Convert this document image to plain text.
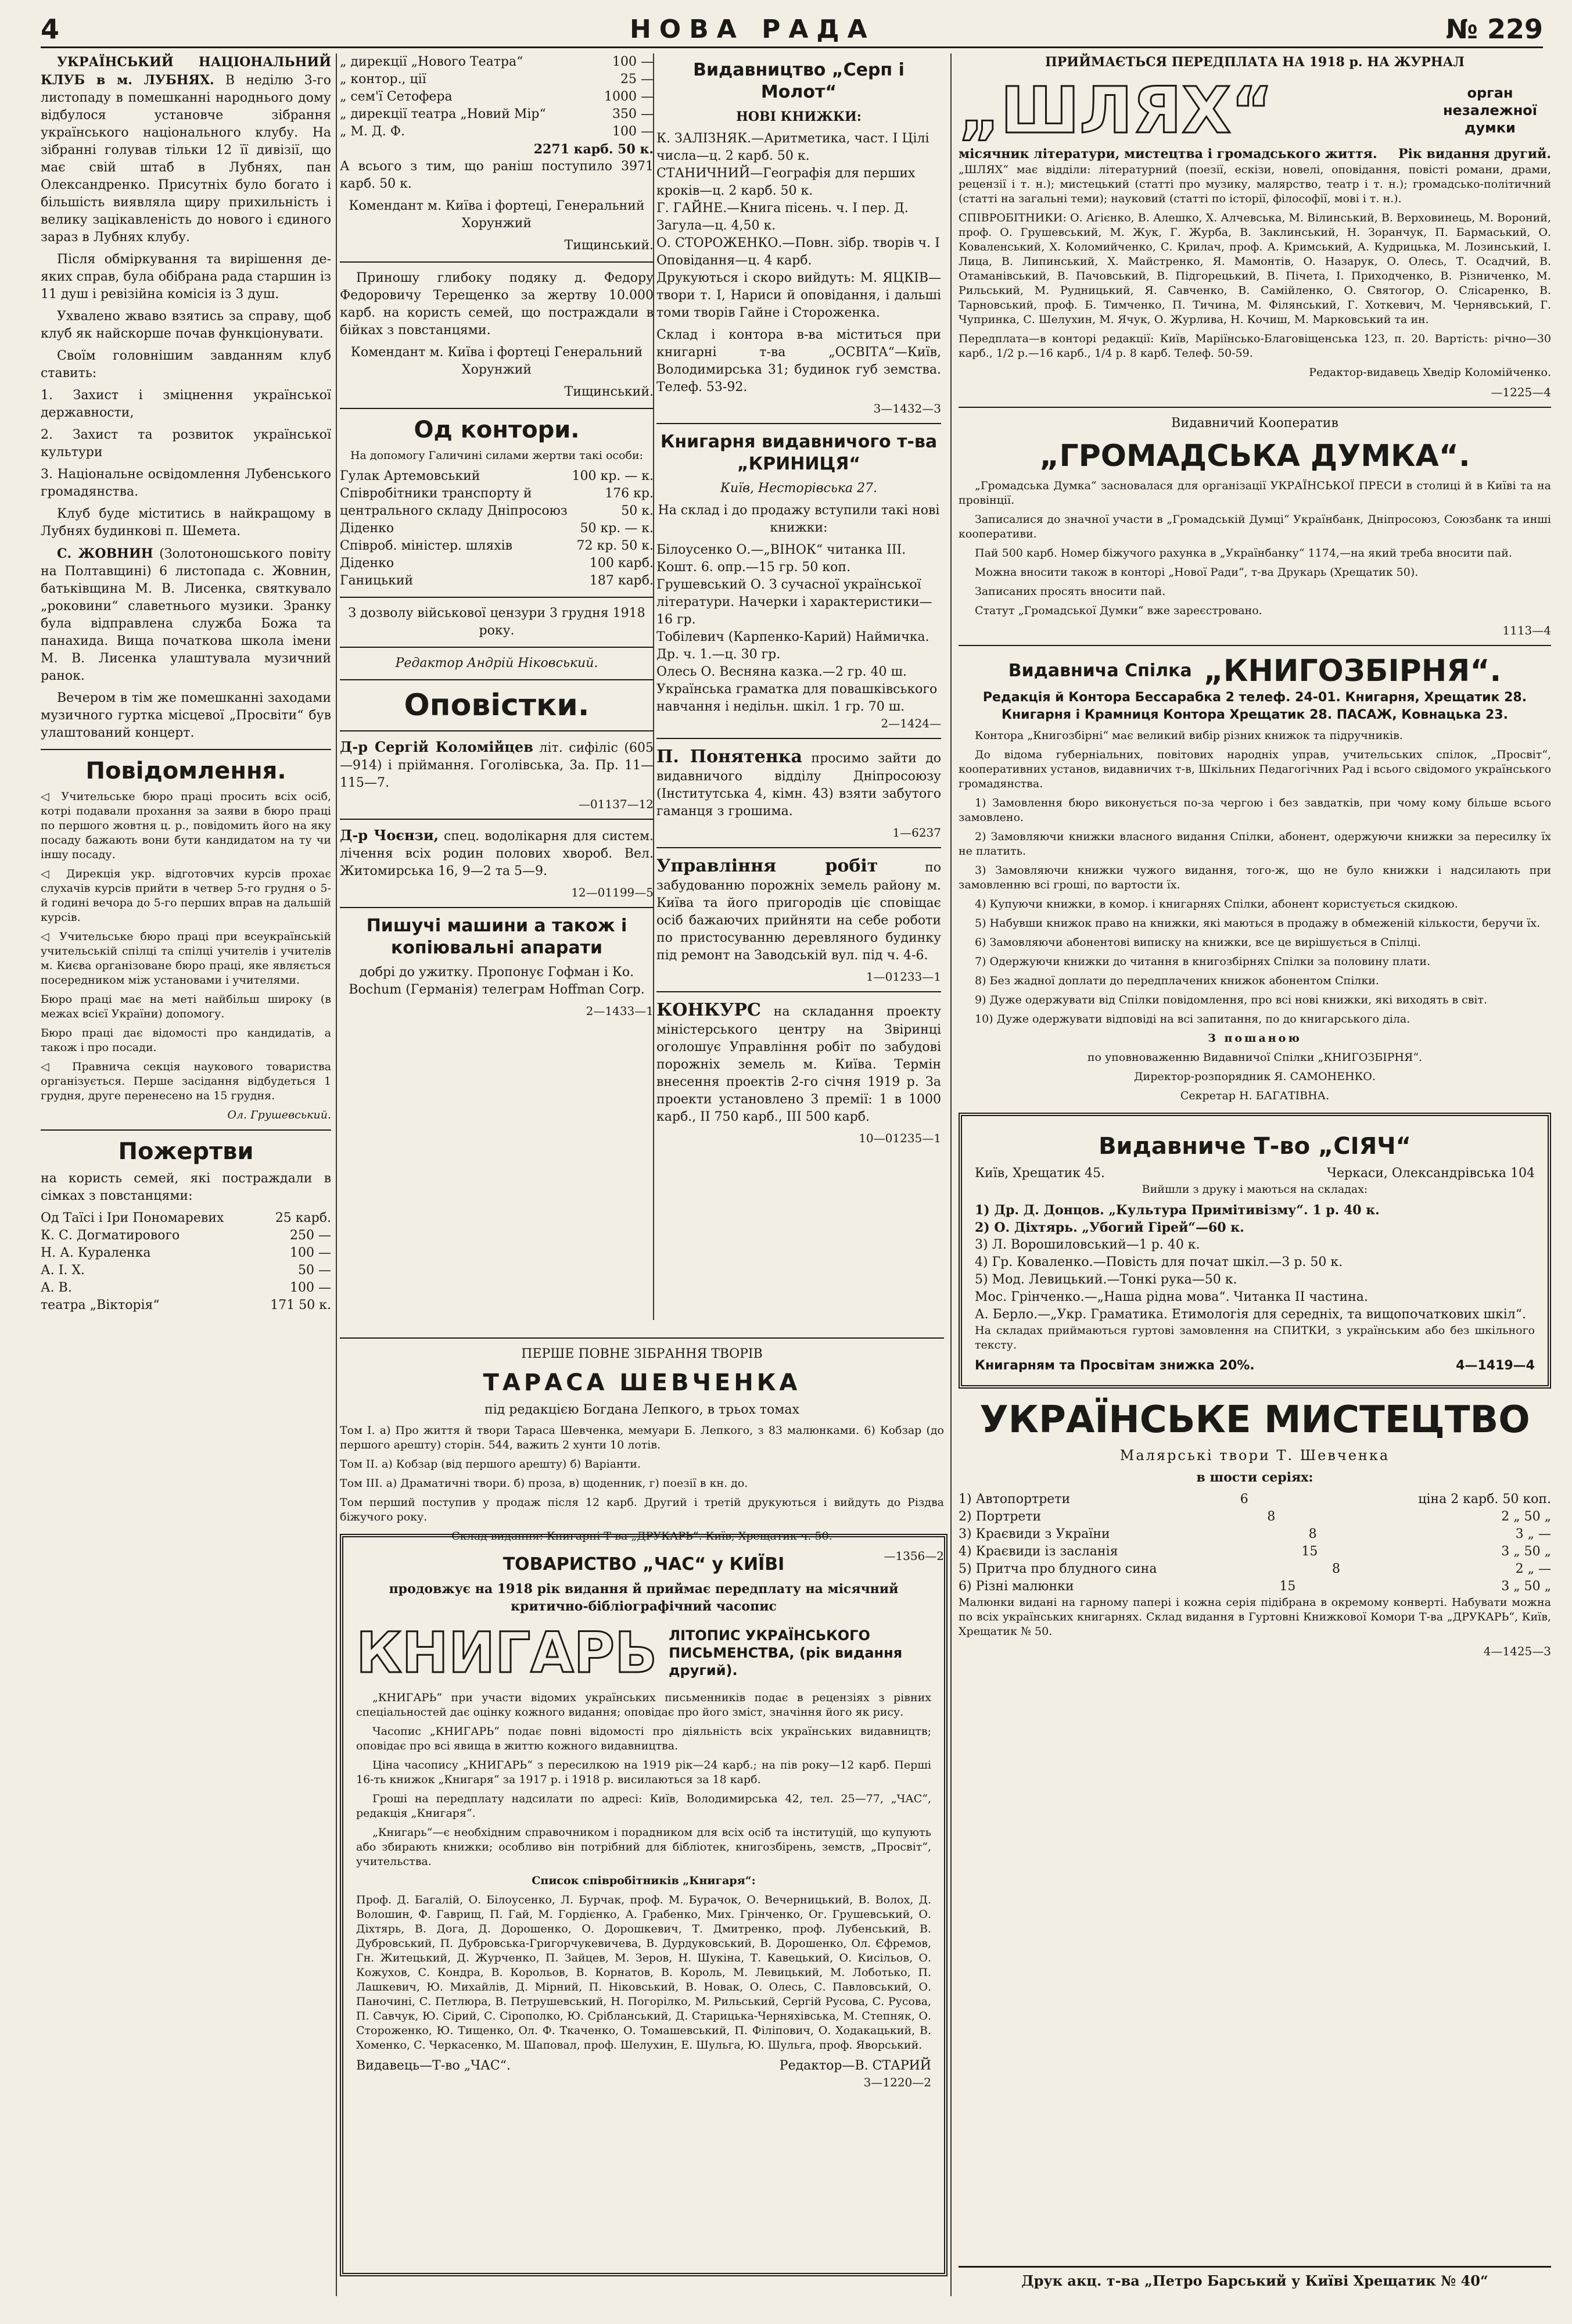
4	НОВА РАДА	№ 229

УКРАЇНСЬКИЙ НАЦІОНАЛЬНИЙ КЛУБ в м. ЛУБНЯХ. В неділю 3-го листопаду в помешканні народнього дому відбулося установче зібрання українського національного клубу. На зібранні голував тільки 12 її дивізії, що має свій штаб в Лубнях, пан Олександренко. Присутніх було богато і більшість виявляла щиру прихильність і велику зацікавленість до нового і єдиного зараз в Лубнях клубу.

Після обміркування та вирішення де-яких справ, була обібрана рада старшин із 11 душ і ревізійна комісія із 3 душ.

Ухвалено жваво взятись за справу, щоб клуб як найскорше почав функціонувати.

Своїм головнішим завданням клуб ставить:

1. Захист і зміцнення української державности,

2. Захист та розвиток української культури

3. Національне освідомлення Лубенського громадянства.

Клуб буде міститись в найкращому в Лубнях будинкові п. Шемета.

С. ЖОВНИН (Золотоношського повіту на Полтавщині) 6 листопада с. Жовнин, батьківщина М. В. Лисенка, святкувало „роковини“ славетнього музики. Зранку була відправлена служба Божа та панахида. Вища початкова школа імени М. В. Лисенка улаштувала музичний ранок.

Вечером в тім же помешканні заходами музичного гуртка місцевої „Просвіти“ був улаштований концерт.

Повідомлення.

◁ Учительське бюро праці просить всіх осіб, котрі подавали прохання за заяви в бюро праці по першого жовтня ц. р., повідомить його на яку посаду бажають вони бути кандидатом на ту чи іншу посаду.

◁ Дирекція укр. відготовчих курсів прохає слухачів курсів прийти в четвер 5-го грудня о 5-й годині вечора до 5-го перших вправ на дальшій курсів.

◁ Учительське бюро праці при всеукраїнській учительській спілці та спілці учителів і учителів м. Києва організоване бюро праці, яке являється посередником між установами і учителями.

Бюро праці має на меті найбільш широку (в межах всієї України) допомогу.

Бюро праці дає відомості про кандидатів, а також і про посади.

◁ Правнича секція наукового товариства організується. Перше засідання відбудеться 1 грудня, друге перенесено на 15 грудня.

Ол. Грушевський.

Пожертви

на користь семей, які постраждали в сімках з повстанцями:

Од Таїсі і Іри Пономаревих	25 карб.
К. С. Догматирового	250 —
Н. А. Кураленка	100 —
А. І. Х.	50 —
А. В.	100 —
театра „Вікторія“	171 50 к.
„ дирекції „Нового Театра“	100 —
„ контор., ції	25 —
„ сем'ї Сетофера	1000 —
„ дирекції театра „Новий Мір“	350 —
„ М. Д. Ф.	100 —
2271 карб. 50 к.

А всього з тим, що раніш поступило 3971 карб. 50 к.

Комендант м. Київа і фортеці, Генеральний Хорунжий

Тищинський.

Приношу глибоку подяку д. Федору Федоровичу Терещенко за жертву 10.000 карб. на користь семей, що постраждали в бійках з повстанцями.

Комендант м. Київа і фортеці Генеральний Хорунжий

Тищинський.

Од контори.

На допомогу Галичині силами жертви такі особи:

Гулак Артемовський	100 кр. — к.
Співробітники транспорту й центрального складу Дніпросоюз
176 кр. 50 к.
Діденко	50 кр. — к.
Співроб. міністер. шляхів	72 кр. 50 к.
Діденко	100 карб.
Ганицький	187 карб.

З дозволу військової цензури 3 грудня 1918 року.

Редактор Андрій Ніковський.

Оповістки.

Д-р Сергій Коломійцев літ. сифіліс (605—914) і пріймання. Гоголівська, 3а. Пр. 11—115—7.

—01137—12

Д-р Чоєнзи, спец. водолікарня для систем. лічення всіх родин полових хвороб. Вел. Житомирська 16, 9—2 та 5—9.

12—01199—5

Пишучі машини а також і копіювальні апарати

добрі до ужитку. Пропонує Гофман і Ко. Bochum (Германія) телеграм Hoffman Corp.

2—1433—1

Видавництво „Серп і Молот“

НОВІ КНИЖКИ:

К. ЗАЛІЗНЯК.—Аритметика, част. I Цілі числа—ц. 2 карб. 50 к.
СТАНИЧНИЙ—Географія для перших кроків—ц. 2 карб. 50 к.
Г. ГАЙНЕ.—Книга пісень. ч. I пер. Д. Загула—ц. 4,50 к.
О. СТОРОЖЕНКО.—Повн. зібр. творів ч. I Оповідання—ц. 4 карб.

Друкуються і скоро вийдуть: М. ЯЦКІВ—твори т. I, Нариси й оповідання, і дальші томи творів Гайне і Стороженка.

Склад і контора в-ва міститься при книгарні т-ва „ОСВІТА“—Київ, Володимирська 31; будинок губ земства. Телеф. 53-92.

3—1432—3

Книгарня видавничого т-ва „КРИНИЦЯ“

Київ, Несторівська 27.

На склад і до продажу вступили такі нові книжки:

Білоусенко О.—„ВІНОК“ читанка III. Кошт. 6. опр.—15 гр. 50 коп.
Грушевський О. З сучасної української літератури. Начерки і характеристики—16 гр.
Тобілевич (Карпенко-Карий) Наймичка. Др. ч. 1.—ц. 30 гр.
Олесь О. Весняна казка.—2 гр. 40 ш.
Українська граматка для повашківського навчання і недільн. шкіл. 1 гр. 70 ш.

2—1424—

П. Понятенка просимо зайти до видавничого відділу Дніпросоюзу (Інститутська 4, кімн. 43) взяти забутого гаманця з грошима.

1—6237

Управління робіт	по забудованню порожніх земель району м. Київа та його пригородів ціє сповіщає осіб бажаючих прийняти на себе роботи по пристосуванню деревляного будинку під ремонт на Заводській вул. під ч. 4-6.

1—01233—1

КОНКУРС на складання проекту міністерського центру на Звіринці оголошує Управління робіт по забудові порожніх земель м. Київа. Термін внесення проектів 2-го січня 1919 р. За проекти установлено 3 премії: 1 в 1000 карб., II 750 карб., III 500 карб.

10—01235—1

ПЕРШЕ ПОВНЕ ЗІБРАННЯ ТВОРІВ

ТАРАСА ШЕВЧЕНКА

під редакцією Богдана Лепкого, в трьох томах

Том І. а) Про життя й твори Тараса Шевченка, мемуари Б. Лепкого, з 83 малюнками. 6) Кобзар (до першого арешту) сторін. 544, важить 2 хунти 10 лотів.

Том II. а) Кобзар (від першого арешту) б) Варіанти.

Том III. а) Драматичні твори. б) проза, в) щоденник, г) поезії в кн. до.

Том перший поступив у продаж після 12 карб. Другий і третій друкуються і вийдуть до Різдва біжучого року.

Склад видання: Книгарні Т-ва „ДРУКАРЬ“. Київ, Хрещатик ч. 50.

—1356—2

ТОВАРИСТВО „ЧАС“ у КИЇВІ

продовжує на 1918 рік видання й приймає передплату на місячний критично-бібліографічний часопис

КНИГАРЬ ЛІТОПИС УКРАЇНСЬКОГО ПИСЬМЕНСТВА, (рік видання другий).

„КНИГАРЬ“ при участи відомих українських письменників подає в рецензіях з рівних спеціальностей дає оцінку кожного видання; оповідає про його зміст, значіння його як рису.

Часопис „КНИГАРЬ“ подає повні відомості про діяльність всіх українських видавництв; оповідає про всі явища в життю кожного видавництва.

Ціна часопису „КНИГАРЬ“ з пересилкою на 1919 рік—24 карб.; на пів року—12 карб. Перші 16-ть книжок „Книгаря“ за 1917 р. і 1918 р. висилаються за 18 карб.

Гроші на передплату надсилати по адресі: Київ, Володимирська 42, тел. 25—77, „ЧАС“, редакція „Книгаря“.

„Книгарь“—є необхідним справочником і порадником для всіх осіб та інституцій, що купують або збирають книжки; особливо він потрібний для бібліотек, книгозбірень, земств, „Просвіт“, учительства.

Список співробітників „Книгаря“:

Проф. Д. Багалій, О. Білоусенко, Л. Бурчак, проф. М. Бурачок, О. Вечерницький, В. Волох, Д. Волошин, Ф. Гаврищ, П. Гай, М. Гордієнко, А. Грабенко, Мих. Грінченко, Ог. Грушевський, О. Діхтярь, В. Дога, Д. Дорошенко, О. Дорошкевич, Т. Дмитренко, проф. Лубенський, В. Дубровський, П. Дубровська-Григорчукевичева, В. Дурдуковський, В. Дорошенко, Ол. Єфремов, Гн. Житецький, Д. Журченко, П. Зайцев, М. Зеров, Н. Шукіна, Т. Кавецький, О. Кисільов, О. Кожухов, С. Кондра, В. Корольов, В. Корнатов, В. Король, М. Левицький, М. Лоботько, П. Лашкевич, Ю. Михайлів, Д. Мірний, П. Ніковський, В. Новак, О. Олесь, С. Павловський, О. Паночині, С. Петлюра, В. Петрушевський, Н. Погорілко, М. Рильський, Сергій Русова, С. Русова, П. Савчук, Ю. Сірий, С. Сірополко, Ю. Срібланський, Д. Старицька-Черняхівська, М. Степняк, О. Стороженко, Ю. Тищенко, Ол. Ф. Ткаченко, О. Томашевський, П. Філіпович, О. Ходакацький, В. Хоменко, С. Черкасенко, М. Шаповал, проф. Шелухин, Е. Шульга, Ю. Шульга, проф. Яворський.

Видавець—Т-во „ЧАС“.	Редактор—В. СТАРИЙ

3—1220—2

ПРИЙМАЄТЬСЯ ПЕРЕДПЛАТА НА 1918 р. НА ЖУРНАЛ

„ШЛЯХ“	орган незалежної думки
місячник літератури, мистецтва і громадського життя. Рік видання другий.

„ШЛЯХ“ має відділи: літературний (поезії, ескізи, новелі, оповідання, повісті романи, драми, рецензії і т. н.); мистецький (статті про музику, малярство, театр і т. н.); громадсько-політичний (статті на загальні теми); науковий (статті по історії, філософії, мові і т. н.).

СПІВРОБІТНИКИ: О. Агієнко, В. Алешко, Х. Алчевська, М. Вілинський, В. Верховинець, М. Вороний, проф. О. Грушевський, М. Жук, Г. Журба, В. Заклинський, Н. Зоранчук, П. Бармаський, О. Коваленський, Х. Коломийченко, С. Крилач, проф. А. Кримський, А. Кудрицька, М. Лозинський, І. Лица, В. Липинський, Х. Майстренко, Я. Мамонтів, О. Назарук, О. Олесь, Т. Осадчий, В. Отаманівський, В. Пачовський, В. Підгорецький, В. Пічета, І. Приходченко, В. Різниченко, М. Рильський, М. Рудницький, Я. Савченко, В. Самійленко, О. Святогор, О. Слісаренко, В. Тарновський, проф. Б. Тимченко, П. Тичина, М. Філянський, Г. Хоткевич, М. Чернявський, Г. Чупринка, С. Шелухин, М. Ячук, О. Журлива, Н. Кочиш, М. Марковський та ин.

Передплата—в конторі редакції: Київ, Маріїнсько-Благовіщенська 123, п. 20. Вартість: річно—30 карб., 1/2 р.—16 карб., 1/4 р. 8 карб. Телеф. 50-59.

Редактор-видавець Хведір Коломійченко.

—1225—4

Видавничий Кооператив

„ГРОМАДСЬКА ДУМКА“.

„Громадська Думка“ засновалася для організації УКРАЇНСЬКОЇ ПРЕСИ в столиці й в Київі та на провінції.

Записалися до значної участи в „Громадській Думці“ Українбанк, Дніпросоюз, Союзбанк та инші кооперативи.

Пай 500 карб. Номер біжучого рахунка в „Українбанку“ 1174,—на який треба вносити пай.

Можна вносити також в конторі „Нової Ради“, т-ва Друкарь (Хрещатик 50).

Записаних просять вносити пай.

Статут „Громадської Думки“ вже зареєстровано.

1113—4

Видавнича Спілка „КНИГОЗБІРНЯ“.

Редакція й Контора Бессарабка 2 телеф. 24-01. Книгарня, Хрещатик 28. Книгарня і Крамниця Контора Хрещатик 28. ПАСАЖ, Ковнацька 23.

Контора „Книгозбірні“ має великий вибір різних книжок та підручників.

До відома губерніальних, повітових народніх управ, учительських спілок, „Просвіт“, кооперативних установ, видавничих т-в, Шкільних Педагогічних Рад і всього свідомого українського громадянства.

1) Замовлення бюро виконується по-за чергою і без завдатків, при чому кому більше всього замовлено.

2) Замовляючи книжки власного видання Спілки, абонент, одержуючи книжки за пересилку їх не платить.

3) Замовляючи книжки чужого видання, того-ж, що не було книжки і надсилають при замовленню всі гроші, по вартости їх.

4) Купуючи книжки, в комор. і книгарнях Спілки, абонент користується скидкою.

5) Набувши книжок право на книжки, які маються в продажу в обмеженій кількости, беручи їх.

6) Замовляючи абонентові виписку на книжки, все це вирішується в Спілці.

7) Одержуючи книжки до читання в книгозбірнях Спілки за половину плати.

8) Без жадної доплати до передплачених книжок абонентом Спілки.

9) Дуже одержувати від Спілки повідомлення, про всі нові книжки, які виходять в світ.

10) Дуже одержувати відповіді на всі запитання, по до книгарського діла.

З пошаною

по уповноваженню Видавничої Спілки „КНИГОЗБІРНЯ“.

Директор-розпорядник Я. САМОНЕНКО.

Секретар Н. БАГАТІВНА.

Видавниче Т-во „СІЯЧ“
Київ, Хрещатик 45.	Черкаси, Олександрівська 104

Вийшли з друку і маються на складах:

1) Др. Д. Донцов. „Культура Примітивізму“. 1 р. 40 к.
2) О. Діхтярь. „Убогий Гірей“—60 к.
3) Л. Ворошиловський—1 р. 40 к.
4) Гр. Коваленко.—Повість для почат шкіл.—3 р. 50 к.
5) Мод. Левицький.—Тонкі рука—50 к.
Мос. Грінченко.—„Наша рідна мова“. Читанка II частина.
А. Берло.—„Укр. Граматика. Етимологія для середніх, та вищопочаткових шкіл“.

На складах приймаються гуртові замовлення на СПИТКИ, з українським або без шкільного тексту.

Книгарням та Просвітам знижка 20%.	4—1419—4
УКРАЇНСЬКЕ МИСТЕЦТВО

Малярські твори Т. Шевченка

в шости серіях:

1) Автопортрети	6	ціна 2 карб. 50 коп.
2) Портрети	8	2 „ 50 „
3) Краєвиди з України	8	3 „ —
4) Краєвиди із засланія	15	3 „ 50 „
5) Притча про блудного сина	8	2 „ —
6) Різні малюнки	15	3 „ 50 „

Малюнки видані на гарному папері і кожна серія підібрана в окремому конверті. Набувати можна по всіх українських книгарнях. Склад видання в Гуртовні Книжкової Комори Т-ва „ДРУКАРЬ“, Київ, Хрещатик № 50.

4—1425—3

Друк акц. т-ва „Петро Барський у Київі Хрещатик № 40“
